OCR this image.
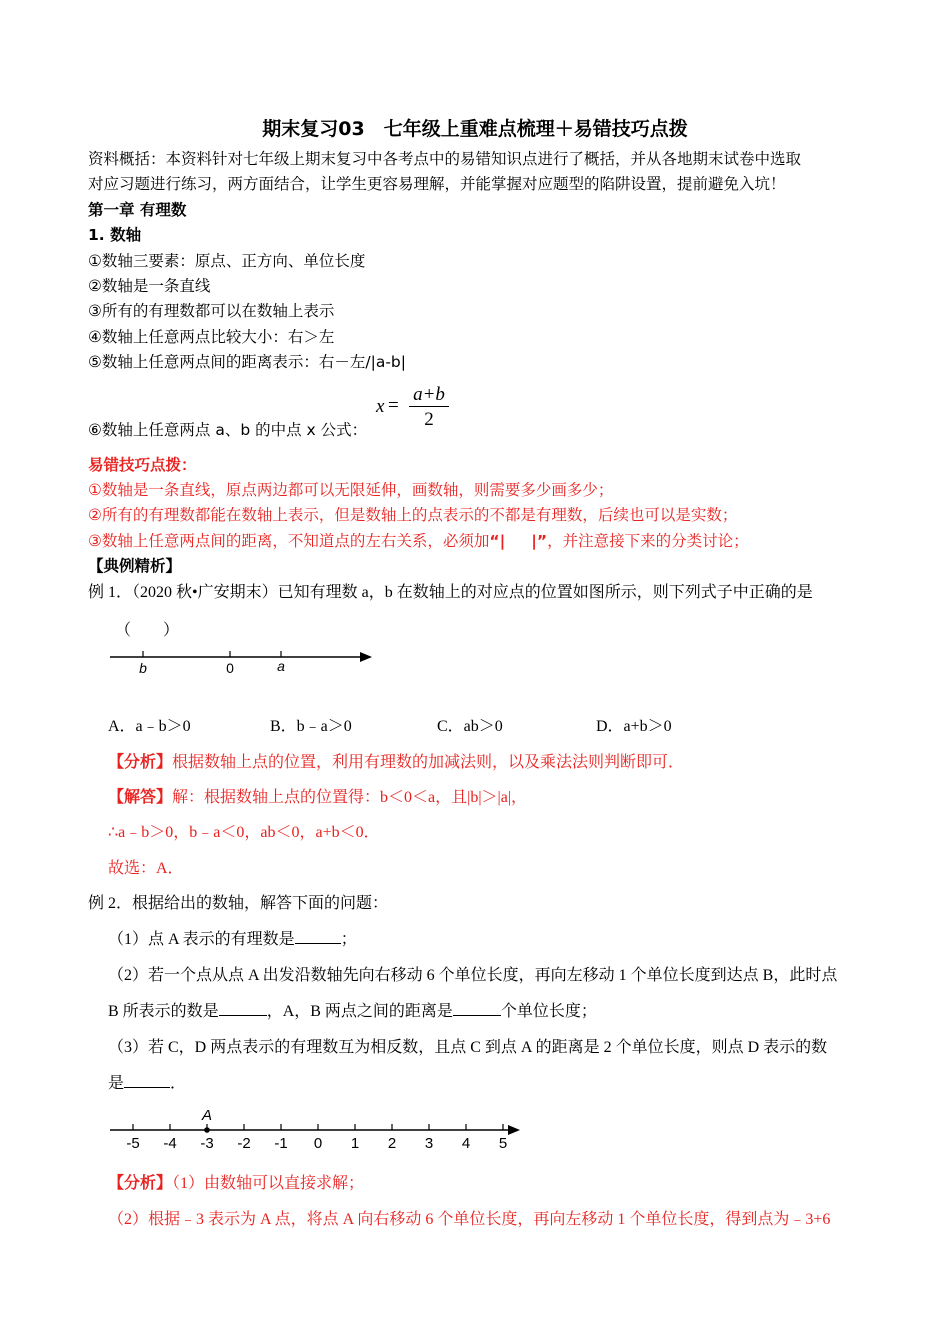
期末复习03　七年级上重难点梳理＋易错技巧点拨
资料概括：本资料针对七年级上期末复习中各考点中的易错知识点进行了概括，并从各地期末试卷中选取
对应习题进行练习，两方面结合，让学生更容易理解，并能掌握对应题型的陷阱设置，提前避免入坑！
第一章 有理数
1. 数轴
①数轴三要素：原点、正方向、单位长度
②数轴是一条直线
③所有的有理数都可以在数轴上表示
④数轴上任意两点比较大小：右＞左
⑤数轴上任意两点间的距离表示：右－左/|a-b|
⑥数轴上任意两点 a、b 的中点 x 公式：
x =
a+b
2
易错技巧点拨：
①数轴是一条直线，原点两边都可以无限延伸，画数轴，则需要多少画多少；
②所有的有理数都能在数轴上表示，但是数轴上的点表示的不都是有理数，后续也可以是实数；
③数轴上任意两点间的距离，不知道点的左右关系，必须加“| |”，并注意接下来的分类讨论；
【典例精析】
例 1．（2020 秋•广安期末）已知有理数 a，b 在数轴上的对应点的位置如图所示，则下列式子中正确的是
（　　）
b	0	a
A．a﹣b＞0	B．b﹣a＞0	C．ab＞0	D．a+b＞0
【分析】根据数轴上点的位置，利用有理数的加减法则，以及乘法法则判断即可．
【解答】解：根据数轴上点的位置得：b＜0＜a，且|b|＞|a|，
∴a﹣b＞0，b﹣a＜0，ab＜0，a+b＜0．
故选：A．
例 2．根据给出的数轴，解答下面的问题：
（1）点 A 表示的有理数是	；
（2）若一个点从点 A 出发沿数轴先向右移动 6 个单位长度，再向左移动 1 个单位长度到达点 B，此时点
B 所表示的数是	，A，B 两点之间的距离是	个单位长度；
（3）若 C，D 两点表示的有理数互为相反数，且点 C 到点 A 的距离是 2 个单位长度，则点 D 表示的数
是	．
-5 -4 -3 -2 -1 0 1 2 3 4 5
A
【分析】（1）由数轴可以直接求解；
（2）根据﹣3 表示为 A 点，将点 A 向右移动 6 个单位长度，再向左移动 1 个单位长度，得到点为﹣3+6
